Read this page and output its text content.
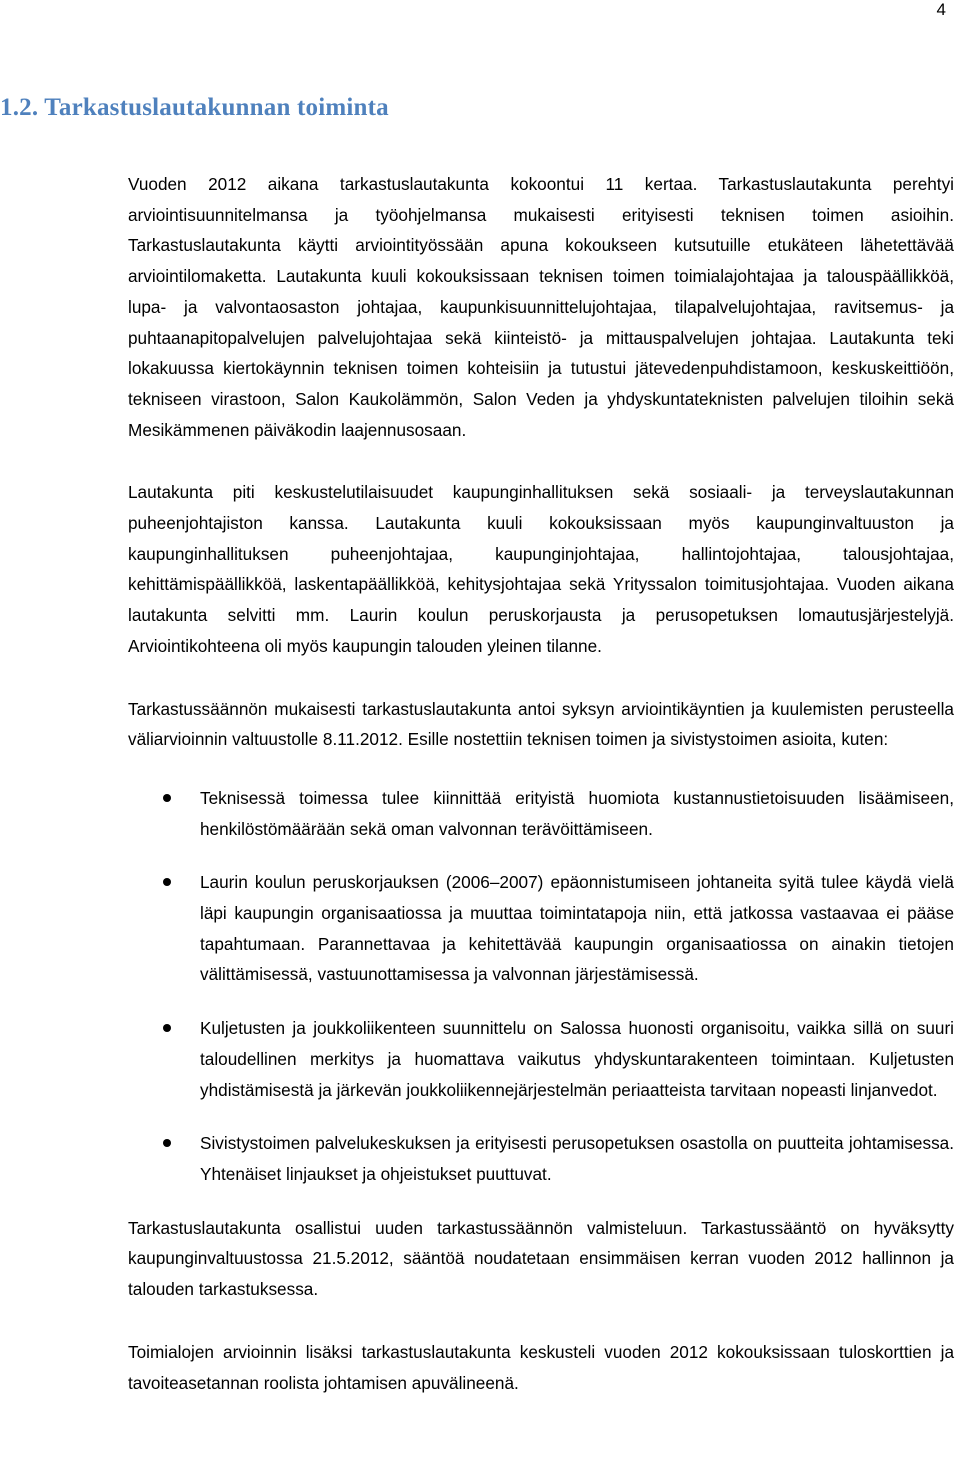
4
1.2. Tarkastuslautakunnan toiminta

Vuoden 2012 aikana tarkastuslautakunta kokoontui 11 kertaa. Tarkastuslautakunta perehtyi arviointisuunnitelmansa ja työohjelmansa mukaisesti erityisesti teknisen toimen asioihin. Tarkastuslautakunta käytti arviointityössään apuna kokoukseen kutsutuille etukäteen lähetettävää arviointilomaketta. Lautakunta kuuli kokouksissaan teknisen toimen toimialajohtajaa ja talouspäällikköä, lupa- ja valvontaosaston johtajaa, kaupunkisuunnittelujohtajaa, tilapalvelujohtajaa, ravitsemus- ja puhtaanapitopalvelujen palvelujohtajaa sekä kiinteistö- ja mittauspalvelujen johtajaa. Lautakunta teki lokakuussa kiertokäynnin teknisen toimen kohteisiin ja tutustui jätevedenpuhdistamoon, keskuskeittiöön, tekniseen virastoon, Salon Kaukolämmön, Salon Veden ja yhdyskuntateknisten palvelujen tiloihin sekä Mesikämmenen päiväkodin laajennusosaan.

Lautakunta piti keskustelutilaisuudet kaupunginhallituksen sekä sosiaali- ja terveyslautakunnan puheenjohtajiston kanssa. Lautakunta kuuli kokouksissaan myös kaupunginvaltuuston ja kaupunginhallituksen puheenjohtajaa, kaupunginjohtajaa, hallintojohtajaa, talousjohtajaa, kehittämispäällikköä, laskentapäällikköä, kehitysjohtajaa sekä Yrityssalon toimitusjohtajaa. Vuoden aikana lautakunta selvitti mm. Laurin koulun peruskorjausta ja perusopetuksen lomautusjärjestelyjä. Arviointikohteena oli myös kaupungin talouden yleinen tilanne.

Tarkastussäännön mukaisesti tarkastuslautakunta antoi syksyn arviointikäyntien ja kuulemisten perusteella väliarvioinnin valtuustolle 8.11.2012. Esille nostettiin teknisen toimen ja sivistystoimen asioita, kuten:

Teknisessä toimessa tulee kiinnittää erityistä huomiota kustannustietoisuuden lisäämiseen, henkilöstömäärään sekä oman valvonnan terävöittämiseen.
Laurin koulun peruskorjauksen (2006–2007) epäonnistumiseen johtaneita syitä tulee käydä vielä läpi kaupungin organisaatiossa ja muuttaa toimintatapoja niin, että jatkossa vastaavaa ei pääse tapahtumaan. Parannettavaa ja kehitettävää kaupungin organisaatiossa on ainakin tietojen välittämisessä, vastuunottamisessa ja valvonnan järjestämisessä.
Kuljetusten ja joukkoliikenteen suunnittelu on Salossa huonosti organisoitu, vaikka sillä on suuri taloudellinen merkitys ja huomattava vaikutus yhdyskuntarakenteen toimintaan. Kuljetusten yhdistämisestä ja järkevän joukkoliikennejärjestelmän periaatteista tarvitaan nopeasti linjanvedot.
Sivistystoimen palvelukeskuksen ja erityisesti perusopetuksen osastolla on puutteita johtamisessa. Yhtenäiset linjaukset ja ohjeistukset puuttuvat.

Tarkastuslautakunta osallistui uuden tarkastussäännön valmisteluun. Tarkastussääntö on hyväksytty kaupunginvaltuustossa 21.5.2012, sääntöä noudatetaan ensimmäisen kerran vuoden 2012 hallinnon ja talouden tarkastuksessa.

Toimialojen arvioinnin lisäksi tarkastuslautakunta keskusteli vuoden 2012 kokouksissaan tuloskorttien ja tavoiteasetannan roolista johtamisen apuvälineenä.
